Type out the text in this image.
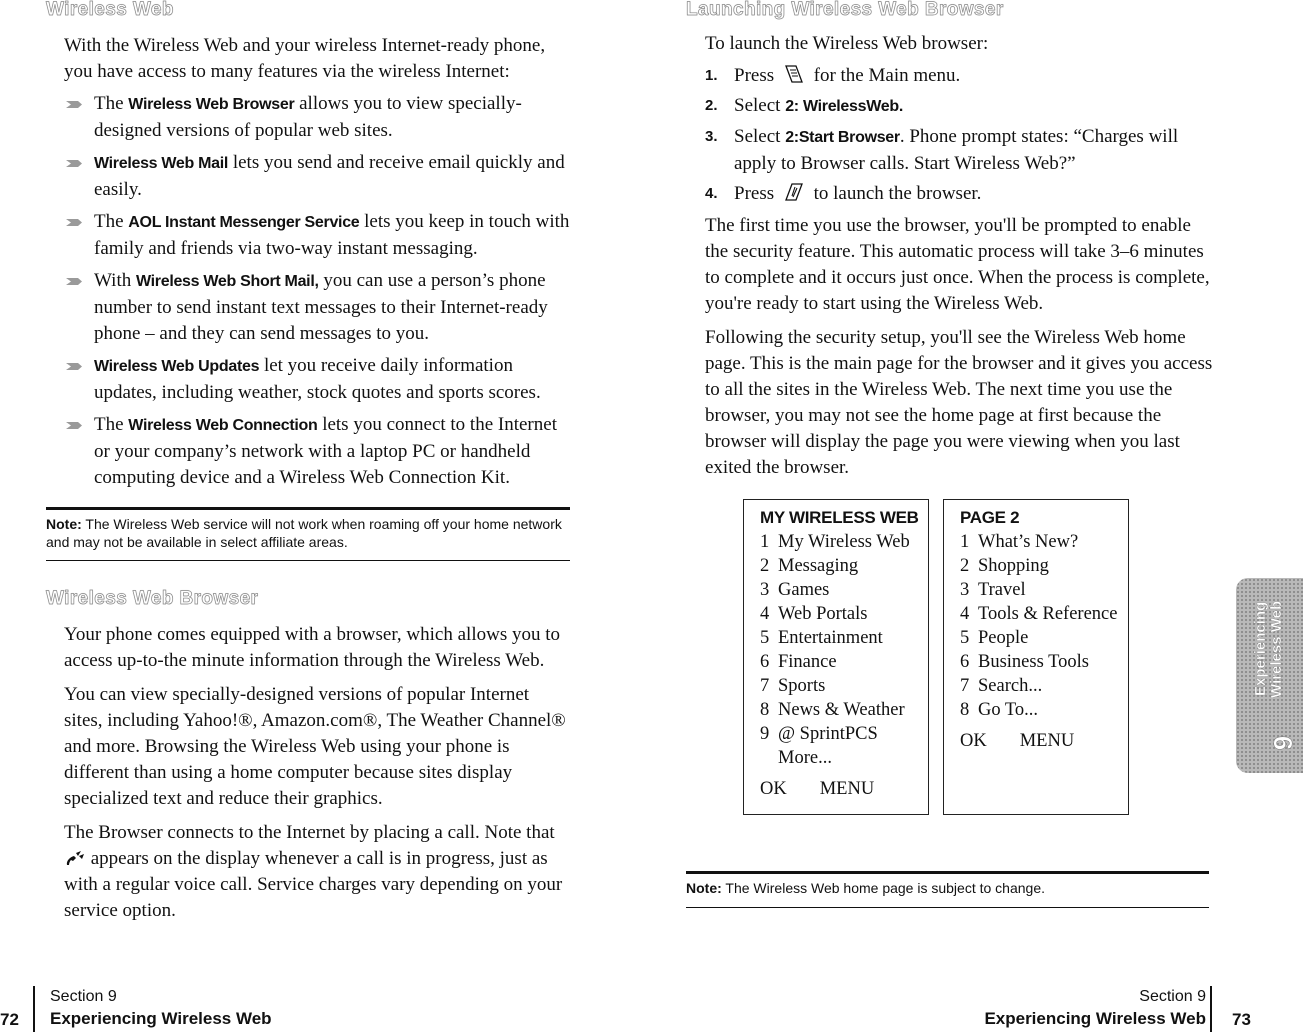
Wireless Web

With the Wireless Web and your wireless Internet-ready phone, you have access to many features via the wireless Internet:

The Wireless Web Browser allows you to view specially-designed versions of popular web sites.
Wireless Web Mail lets you send and receive email quickly and easily.
The AOL Instant Messenger Service lets you keep in touch with family and friends via two-way instant messaging.
With Wireless Web Short Mail, you can use a person’s phone number to send instant text messages to their Internet-ready phone – and they can send messages to you.
Wireless Web Updates let you receive daily information updates, including weather, stock quotes and sports scores.
The Wireless Web Connection lets you connect to the Internet or your company’s network with a laptop PC or handheld computing device and a Wireless Web Connection Kit.
Note: The Wireless Web service will not work when roaming off your home network and may not be available in select affiliate areas.
Wireless Web Browser

Your phone comes equipped with a browser, which allows you to access up-to-the minute information through the Wireless Web.

You can view specially-designed versions of popular Internet sites, including Yahoo!®, Amazon.com®, The Weather Channel® and more. Browsing the Wireless Web using your phone is different than using a home computer because sites display specialized text and reduce their graphics.

The Browser connects to the Internet by placing a call. Note that  appears on the display whenever a call is in progress, just as with a regular voice call. Service charges vary depending on your service option.

Section 9
Experiencing Wireless Web
72
Launching Wireless Web Browser

To launch the Wireless Web browser:

1. Press  for the Main menu.
2. Select 2: WirelessWeb.
3. Select 2:Start Browser. Phone prompt states: “Charges will apply to Browser calls. Start Wireless Web?”
4. Press  to launch the browser.

The first time you use the browser, you'll be prompted to enable the security feature. This automatic process will take 3–6 minutes to complete and it occurs just once. When the process is complete, you're ready to start using the Wireless Web.

Following the security setup, you'll see the Wireless Web home page. This is the main page for the browser and it gives you access to all the sites in the Wireless Web. The next time you use the browser, you may not see the home page at first because the browser will display the page you were viewing when you last exited the browser.

MY WIRELESS WEB
1 My Wireless Web
2 Messaging
3 Games
4 Web Portals
5 Entertainment
6 Finance
7 Sports
8 News & Weather
9 @ SprintPCS
More...
OK MENU
PAGE 2
1 What’s New?
2 Shopping
3 Travel
4 Tools & Reference
5 People
6 Business Tools
7 Search...
8 Go To...
OK MENU
Note: The Wireless Web home page is subject to change.
Section 9
Experiencing Wireless Web 73
Experiencing Wireless Web
9
